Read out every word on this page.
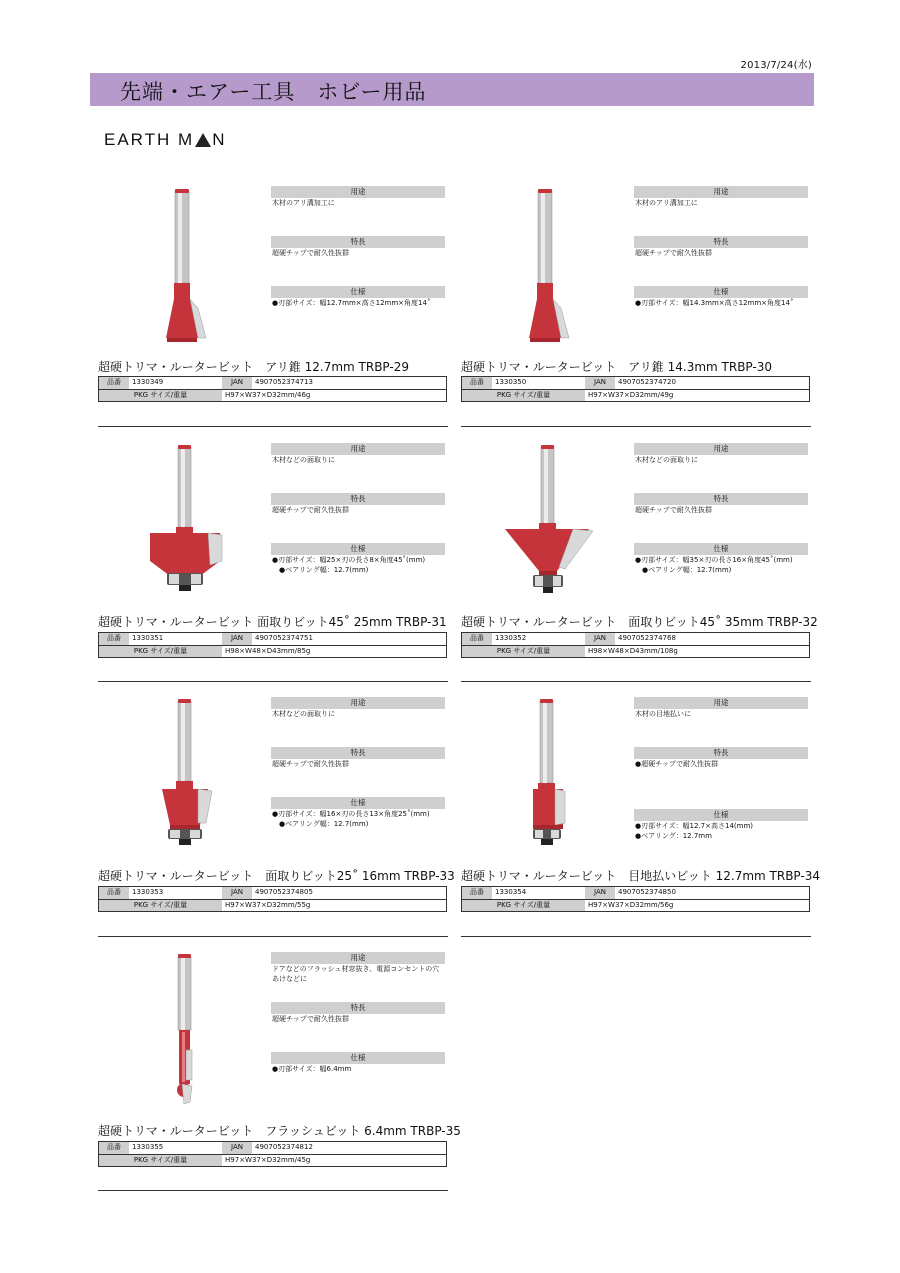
2013/7/24(水)
先端・エアー工具　ホビー用品
EARTH M N
用途
木材のアリ溝加工に
特長
超硬チップで耐久性抜群
仕様
●刃部サイズ：幅12.7mm×高さ12mm×角度14˚
超硬トリマ・ルータービット　アリ錐 12.7mm TRBP-29
品番	1330349	JAN	4907052374713
PKG サイズ/重量	H97×W37×D32mm/46g
用途
木材のアリ溝加工に
特長
超硬チップで耐久性抜群
仕様
●刃部サイズ：幅14.3mm×高さ12mm×角度14˚
超硬トリマ・ルータービット　アリ錐 14.3mm TRBP-30
品番	1330350	JAN	4907052374720
PKG サイズ/重量	H97×W37×D32mm/49g
用途
木材などの面取りに
特長
超硬チップで耐久性抜群
仕様
●刃部サイズ：幅25×刃の長さ8×角度45˚(mm)
　●ベアリング幅：12.7(mm)
超硬トリマ・ルータービット 面取りビット45˚ 25mm TRBP-31
品番	1330351	JAN	4907052374751
PKG サイズ/重量	H98×W48×D43mm/85g
用途
木材などの面取りに
特長
超硬チップで耐久性抜群
仕様
●刃部サイズ：幅35×刃の長さ16×角度45˚(mm)
　●ベアリング幅：12.7(mm)
超硬トリマ・ルータービット　面取りビット45˚ 35mm TRBP-32
品番	1330352	JAN	4907052374768
PKG サイズ/重量	H98×W48×D43mm/108g
用途
木材などの面取りに
特長
超硬チップで耐久性抜群
仕様
●刃部サイズ：幅16×刃の長さ13×角度25˚(mm)
　●ベアリング幅：12.7(mm)
超硬トリマ・ルータービット　面取りビット25˚ 16mm TRBP-33
品番	1330353	JAN	4907052374805
PKG サイズ/重量	H97×W37×D32mm/55g
用途
木材の目地払いに
特長
●超硬チップで耐久性抜群
仕様
●刃部サイズ：幅12.7×高さ14(mm)
●ベアリング：12.7mm
超硬トリマ・ルータービット　目地払いビット 12.7mm TRBP-34
品番	1330354	JAN	4907052374850
PKG サイズ/重量	H97×W37×D32mm/56g
用途
ドアなどのフラッシュ材窓抜き、電源コンセントの穴あけなどに
特長
超硬チップで耐久性抜群
仕様
●刃部サイズ：幅6.4mm
超硬トリマ・ルータービット　フラッシュビット 6.4mm TRBP-35
品番	1330355	JAN	4907052374812
PKG サイズ/重量	H97×W37×D32mm/45g
